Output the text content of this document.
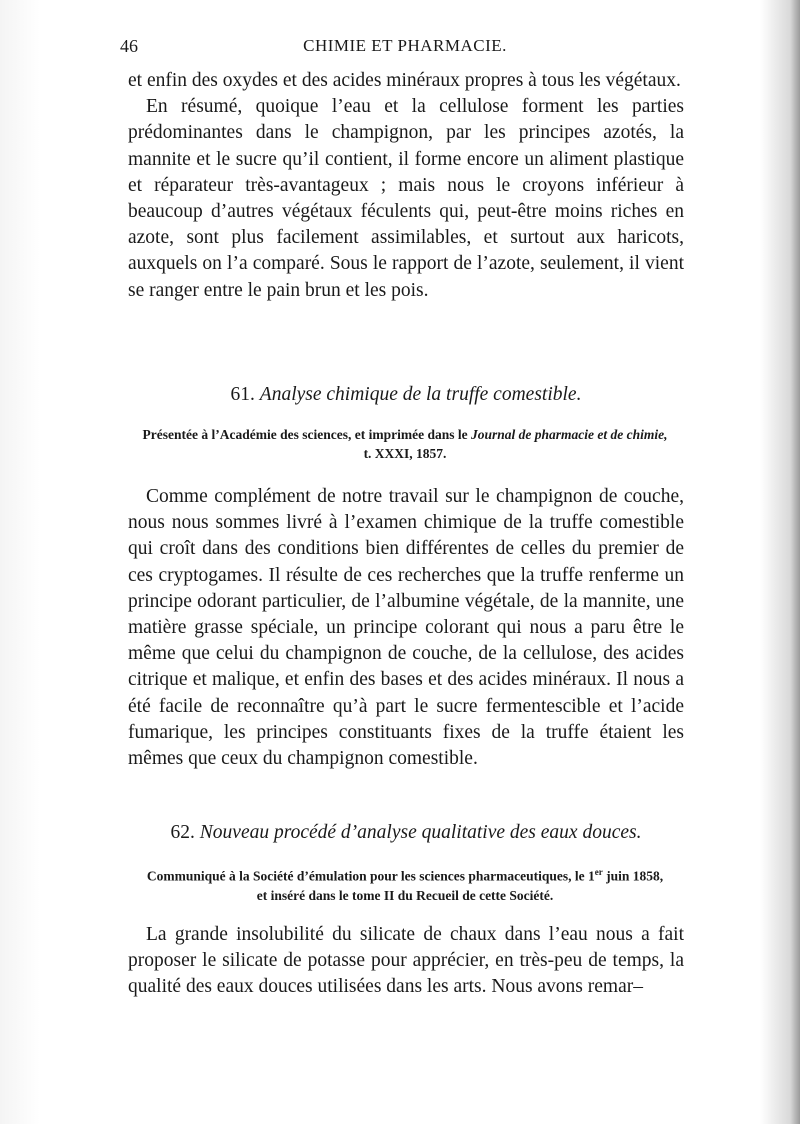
46	CHIMIE ET PHARMACIE.

et enfin des oxydes et des acides minéraux propres à tous les végétaux.

En résumé, quoique l’eau et la cellulose forment les parties prédominantes dans le champignon, par les principes azotés, la mannite et le sucre qu’il contient, il forme encore un aliment plastique et réparateur très-avantageux ; mais nous le croyons inférieur à beaucoup d’autres végétaux féculents qui, peut-être moins riches en azote, sont plus facilement assimilables, et surtout aux haricots, auxquels on l’a comparé. Sous le rapport de l’azote, seulement, il vient se ranger entre le pain brun et les pois.

61. Analyse chimique de la truffe comestible.
Présentée à l’Académie des sciences, et imprimée dans le Journal de pharmacie et de chimie, t. XXXI, 1857.

Comme complément de notre travail sur le champignon de couche, nous nous sommes livré à l’examen chimique de la truffe comestible qui croît dans des conditions bien différentes de celles du premier de ces cryptogames. Il résulte de ces recherches que la truffe renferme un principe odorant particulier, de l’albumine végétale, de la mannite, une matière grasse spéciale, un principe colorant qui nous a paru être le même que celui du champignon de couche, de la cellulose, des acides citrique et malique, et enfin des bases et des acides minéraux. Il nous a été facile de reconnaître qu’à part le sucre fermentescible et l’acide fumarique, les principes constituants fixes de la truffe étaient les mêmes que ceux du champignon comestible.

62. Nouveau procédé d’analyse qualitative des eaux douces.
Communiqué à la Société d’émulation pour les sciences pharmaceutiques, le 1er juin 1858, et inséré dans le tome II du Recueil de cette Société.

La grande insolubilité du silicate de chaux dans l’eau nous a fait proposer le silicate de potasse pour apprécier, en très-peu de temps, la qualité des eaux douces utilisées dans les arts. Nous avons remar–
